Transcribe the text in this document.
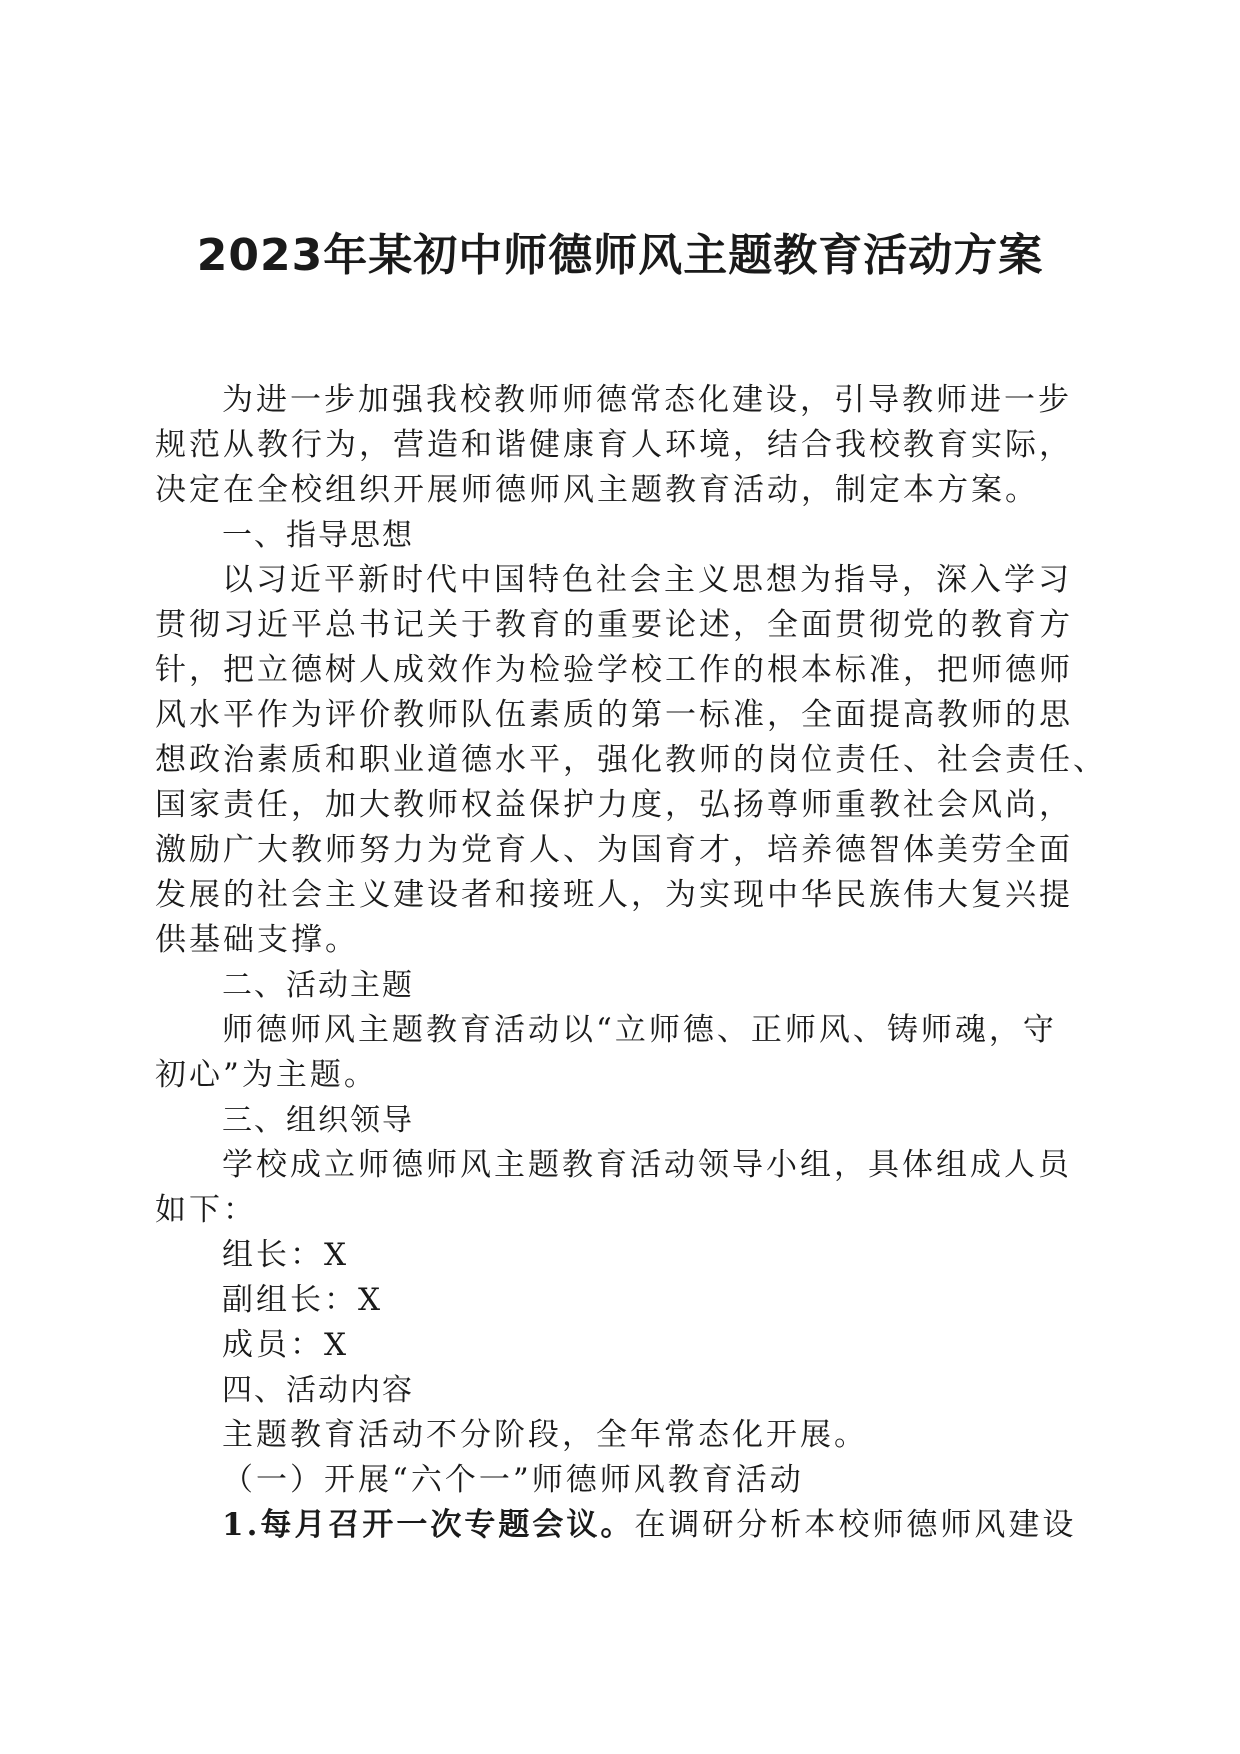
2023年某初中师德师风主题教育活动方案
为进一步加强我校教师师德常态化建设，引导教师进一步
规范从教行为，营造和谐健康育人环境，结合我校教育实际，
决定在全校组织开展师德师风主题教育活动，制定本方案。
一、指导思想
以习近平新时代中国特色社会主义思想为指导，深入学习
贯彻习近平总书记关于教育的重要论述，全面贯彻党的教育方
针，把立德树人成效作为检验学校工作的根本标准，把师德师
风水平作为评价教师队伍素质的第一标准，全面提高教师的思
想政治素质和职业道德水平，强化教师的岗位责任、社会责任、
国家责任，加大教师权益保护力度，弘扬尊师重教社会风尚，
激励广大教师努力为党育人、为国育才，培养德智体美劳全面
发展的社会主义建设者和接班人，为实现中华民族伟大复兴提
供基础支撑。
二、活动主题
师德师风主题教育活动以“立师德、正师风、铸师魂，守
初心”为主题。
三、组织领导
学校成立师德师风主题教育活动领导小组，具体组成人员
如下：
组长：X
副组长：X
成员：X
四、活动内容
主题教育活动不分阶段，全年常态化开展。
（一）开展“六个一”师德师风教育活动
1.每月召开一次专题会议。在调研分析本校师德师风建设
